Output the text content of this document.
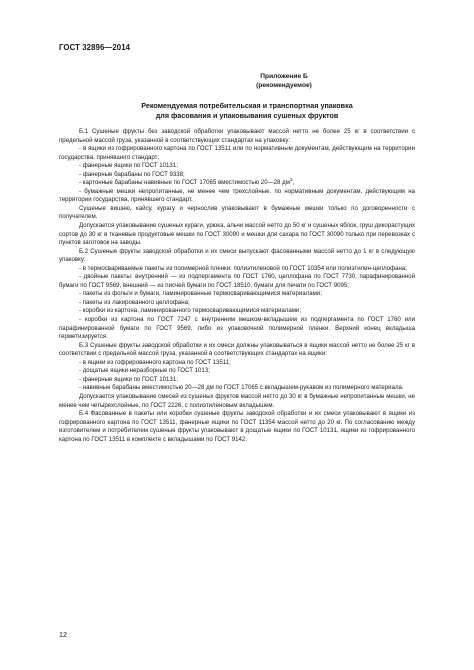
ГОСТ 32896—2014
Приложение Б
(рекомендуемое)
Рекомендуемая потребительская и транспортная упаковка
для фасования и упаковывания сушеных фруктов

Б.1 Сушеные фрукты без заводской обработки упаковывают массой нетто не более 25 кг в соответствии с предельной массой груза, указанной в соответствующих стандартах на упаковку:

- в ящики из гофрированного картона по ГОСТ 13511 или по нормативным документам, действующим на территории государства, принявшего стандарт;

- фанерные ящики по ГОСТ 10131;

- фанерные барабаны по ГОСТ 9338;

- картонные барабаны навивные по ГОСТ 17065 вместимостью 20—28 $дм^3$;

- бумажные мешки непропитанные, не менее чем трехслойные, по нормативным документам, действующим на территории государства, принявшего стандарт.

Сушеные вишню, кайсу, курагу и чернослив упаковывают в бумажные мешки только по договоренности с получателем.

Допускается упаковывание сушеных кураги, урюка, альчи массой нетто до 50 кг и сушеных яблок, груш дикорастущих сортов до 30 кг в тканевые продуктовые мешки по ГОСТ 30090 и мешки для сахара по ГОСТ 30090 только при перевозках с пунктов заготовок на заводы.

Б.2 Сушеные фрукты заводской обработки и их смеси выпускают фасованными массой нетто до 1 кг в следующую упаковку:

- в термосвариваемые пакеты из полимерной пленки: полиэтиленовой по ГОСТ 10354 или полиэтилен-целлофана;

- двойные пакеты: внутренний — из подпергамента по ГОСТ 1760, целлофана по ГОСТ 7730, парафинированной бумаги по ГОСТ 9569, внешний — из писчей бумаги по ГОСТ 18510, бумаги для печати по ГОСТ 9095;

- пакеты из фольги и бумаги, ламинированные термосваривающимися материалами;

- пакеты из лакированного целлофана;

- коробки из картона, ламинированного термосваривающимися материалами;

- коробки из картона по ГОСТ 7247 с внутренним мешком-вкладышем из подпергамента по ГОСТ 1760 или парафинированной бумаги по ГОСТ 9569, либо из упаковочной полимерной пленки. Верхний конец вкладыша герметизируется.

Б.3 Сушеные фрукты заводской обработки и их смеси должны упаковываться в ящики массой нетто не более 25 кг в соответствии с предельной массой груза, указанной в соответствующих стандартах на ящики:

- в ящики из гофрированного картона по ГОСТ 13511;

- дощатые ящики неразборные по ГОСТ 1013;

- фанерные ящики по ГОСТ 10131;

- навивные барабаны вместимостью 20—28 дм по ГОСТ 17065 с вкладышем-рукавом из полимерного материала.

Допускается упаковывание смесей из сушеных фруктов массой нетто до 30 кг в бумажные непропитанные мешки, не менее чем четырехслойные, по ГОСТ 2226, с полиэтиленовым вкладышем.

Б.4 Фасованные в пакеты или коробки сушеные фрукты заводской обработки и их смеси упаковывают в ящики из гофрированного картона по ГОСТ 13511, фанерные ящики по ГОСТ 11354 массой нетто до 20 кг. По согласованию между изготовителем и потребителем сушеные фрукты упаковывают в дощатые ящики по ГОСТ 10131, ящики из гофрированного картона по ГОСТ 13511 в комплекте с вкладышами по ГОСТ 9142.

12
